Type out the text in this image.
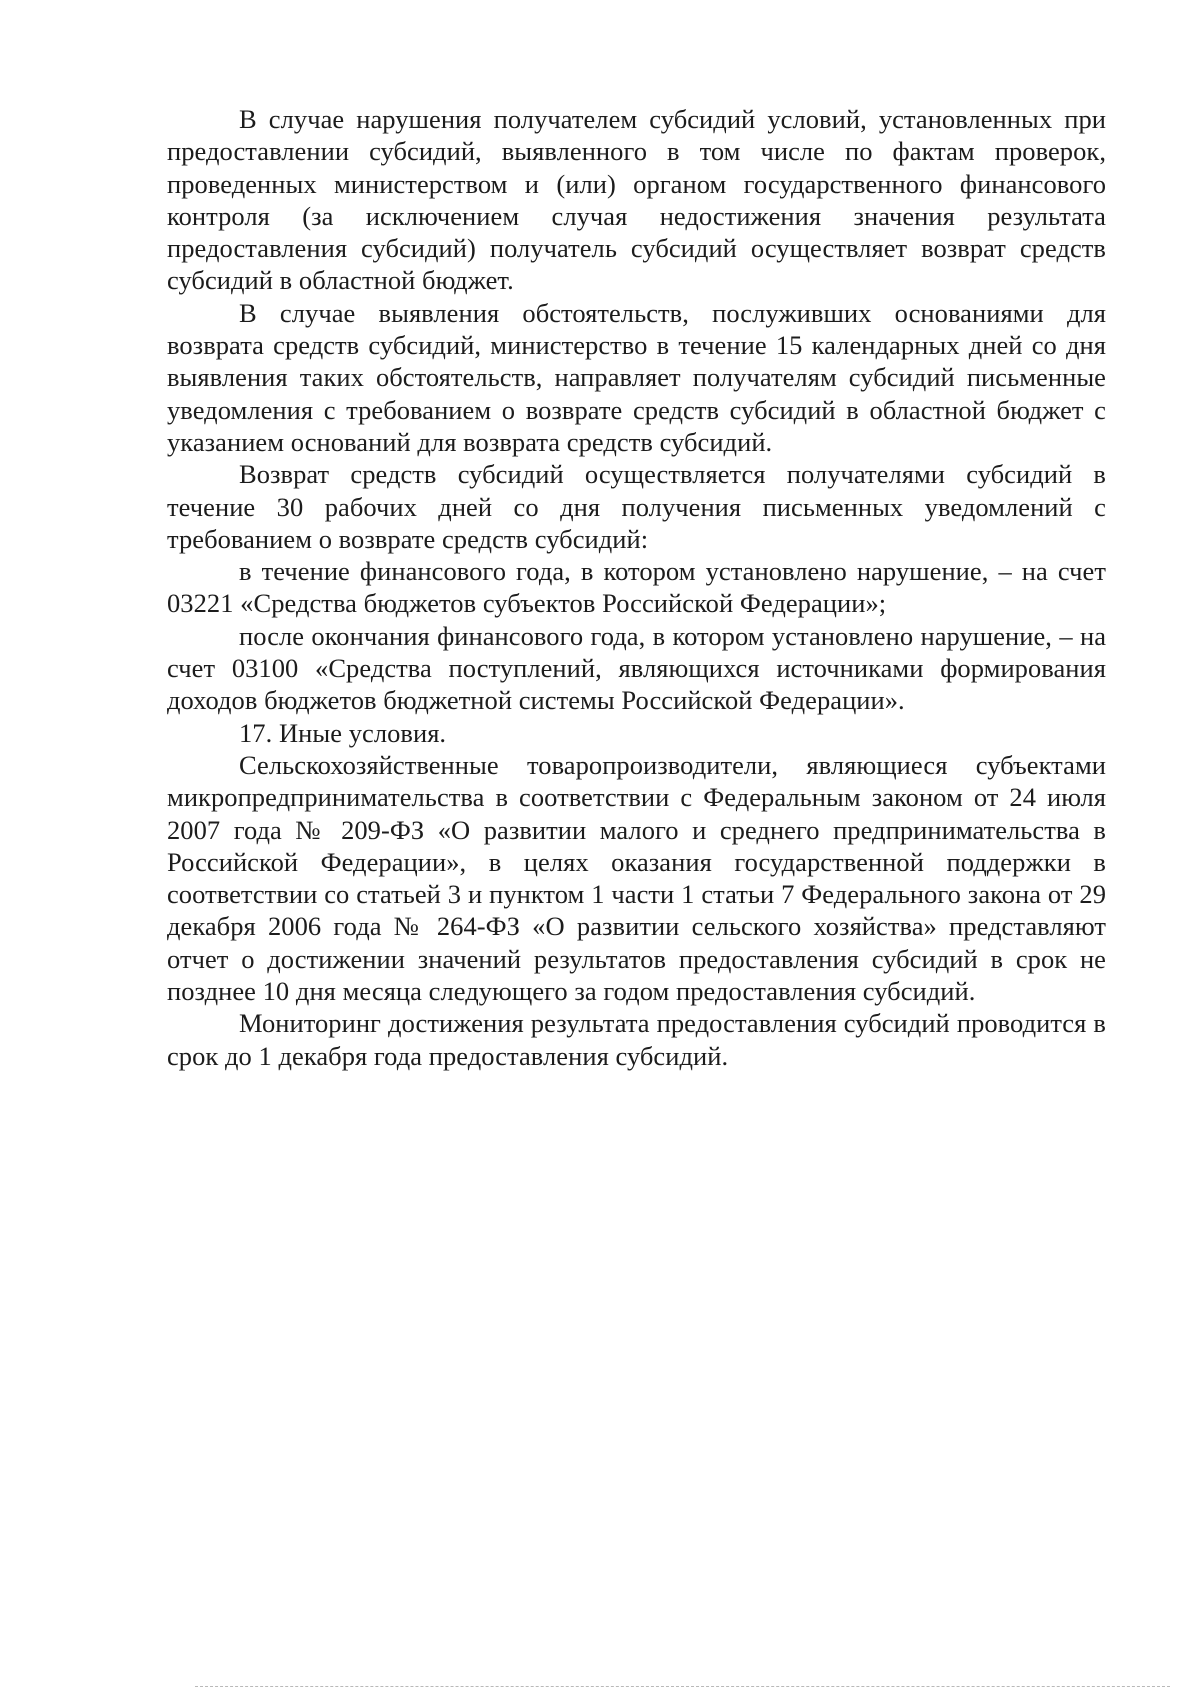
В случае нарушения получателем субсидий условий, установленных при предоставлении субсидий, выявленного в том числе по фактам проверок, проведенных министерством и (или) органом государственного финансового контроля (за исключением случая недостижения значения результата предоставления субсидий) получатель субсидий осуществляет возврат средств субсидий в областной бюджет.

В случае выявления обстоятельств, послуживших основаниями для возврата средств субсидий, министерство в течение 15 календарных дней со дня выявления таких обстоятельств, направляет получателям субсидий письменные уведомления с требованием о возврате средств субсидий в областной бюджет с указанием оснований для возврата средств субсидий.

Возврат средств субсидий осуществляется получателями субсидий в течение 30 рабочих дней со дня получения письменных уведомлений с требованием о возврате средств субсидий:

в течение финансового года, в котором установлено нарушение, – на счет 03221 «Средства бюджетов субъектов Российской Федерации»;

после окончания финансового года, в котором установлено нарушение, – на счет 03100 «Средства поступлений, являющихся источниками формирования доходов бюджетов бюджетной системы Российской Федерации».

17. Иные условия.

Сельскохозяйственные товаропроизводители, являющиеся субъектами микропредпринимательства в соответствии с Федеральным законом от 24 июля 2007 года № 209-ФЗ «О развитии малого и среднего предпринимательства в Российской Федерации», в целях оказания государственной поддержки в соответствии со статьей 3 и пунктом 1 части 1 статьи 7 Федерального закона от 29 декабря 2006 года № 264-ФЗ «О развитии сельского хозяйства» представляют отчет о достижении значений результатов предоставления субсидий в срок не позднее 10 дня месяца следующего за годом предоставления субсидий.

Мониторинг достижения результата предоставления субсидий проводится в срок до 1 декабря года предоставления субсидий.
